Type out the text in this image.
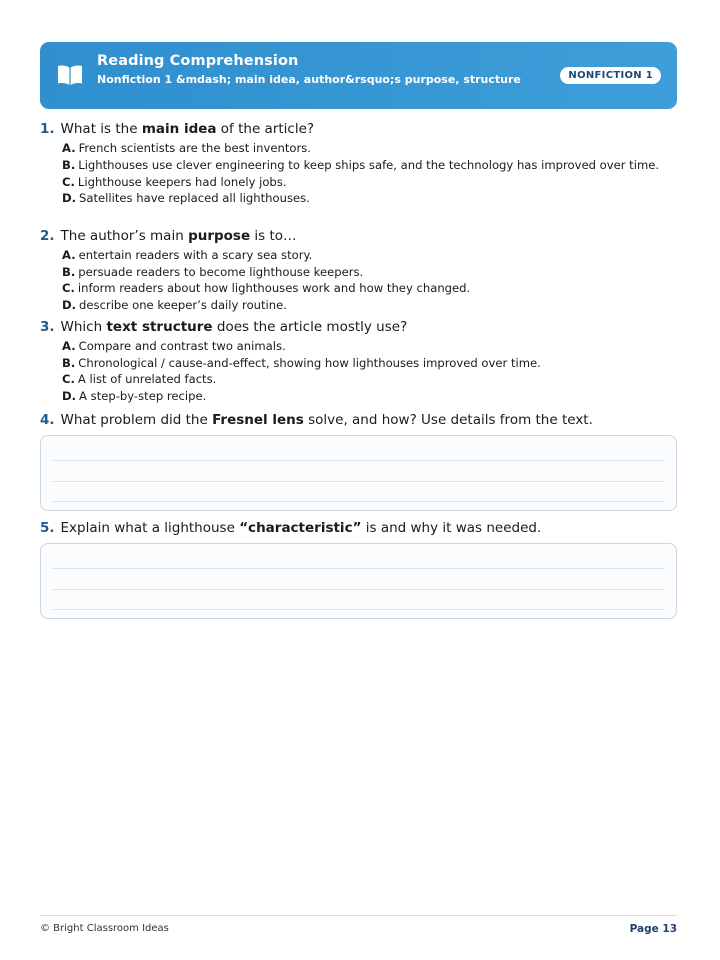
Reading Comprehension
Nonfiction 1 &mdash; main idea, author&rsquo;s purpose, structure	NONFICTION 1
1. What is the main idea of the article?
A. French scientists are the best inventors.
B. Lighthouses use clever engineering to keep ships safe, and the technology has improved over time.
C. Lighthouse keepers had lonely jobs.
D. Satellites have replaced all lighthouses.
2. The author’s main purpose is to…
A. entertain readers with a scary sea story.
B. persuade readers to become lighthouse keepers.
C. inform readers about how lighthouses work and how they changed.
D. describe one keeper’s daily routine.
3. Which text structure does the article mostly use?
A. Compare and contrast two animals.
B. Chronological / cause-and-effect, showing how lighthouses improved over time.
C. A list of unrelated facts.
D. A step-by-step recipe.
4. What problem did the Fresnel lens solve, and how? Use details from the text.
5. Explain what a lighthouse “characteristic” is and why it was needed.
© Bright Classroom Ideas	Page 13
